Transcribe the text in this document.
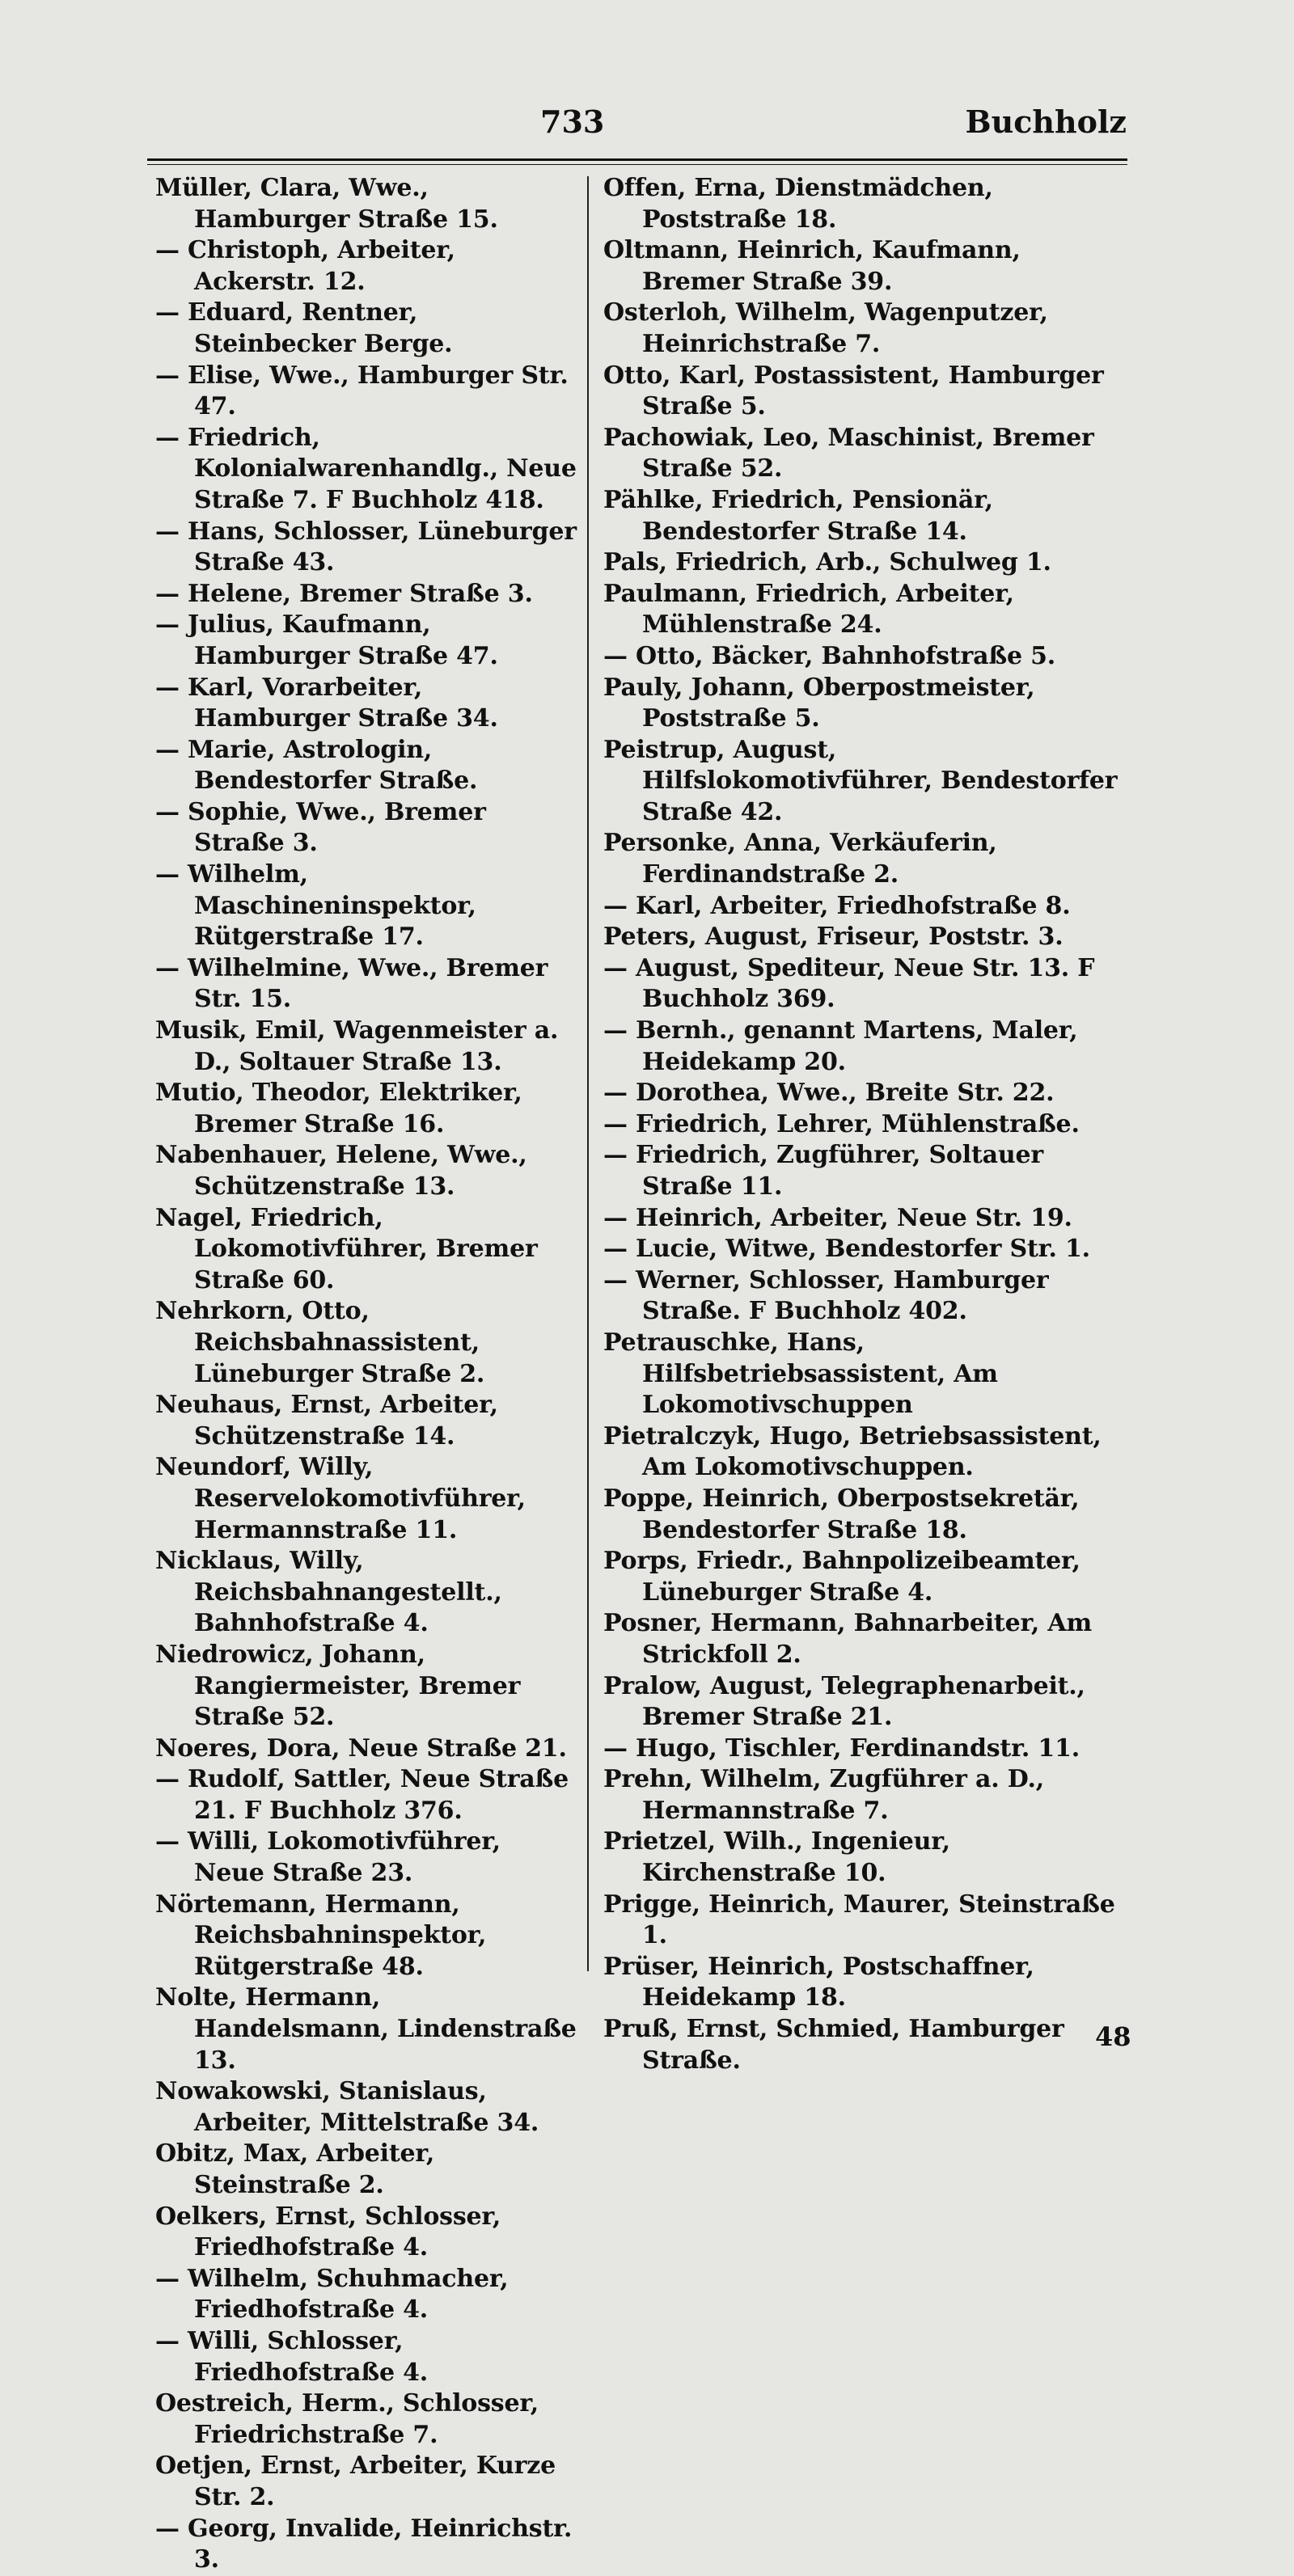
733	Buchholz

Müller, Clara, Wwe., Hamburger Straße 15.

— Christoph, Arbeiter, Ackerstr. 12.

— Eduard, Rentner, Steinbecker Berge.

— Elise, Wwe., Hamburger Str. 47.

— Friedrich, Kolonialwarenhandlg., Neue Straße 7. F Buchholz 418.

— Hans, Schlosser, Lüneburger Straße 43.

— Helene, Bremer Straße 3.

— Julius, Kaufmann, Hamburger Straße 47.

— Karl, Vorarbeiter, Hamburger Straße 34.

— Marie, Astrologin, Bendestorfer Straße.

— Sophie, Wwe., Bremer Straße 3.

— Wilhelm, Maschineninspektor, Rütgerstraße 17.

— Wilhelmine, Wwe., Bremer Str. 15.

Musik, Emil, Wagenmeister a. D., Soltauer Straße 13.

Mutio, Theodor, Elektriker, Bremer Straße 16.

Nabenhauer, Helene, Wwe., Schützenstraße 13.

Nagel, Friedrich, Lokomotivführer, Bremer Straße 60.

Nehrkorn, Otto, Reichsbahnassistent, Lüneburger Straße 2.

Neuhaus, Ernst, Arbeiter, Schützenstraße 14.

Neundorf, Willy, Reservelokomotivführer, Hermannstraße 11.

Nicklaus, Willy, Reichsbahnangestellt., Bahnhofstraße 4.

Niedrowicz, Johann, Rangiermeister, Bremer Straße 52.

Noeres, Dora, Neue Straße 21.

— Rudolf, Sattler, Neue Straße 21. F Buchholz 376.

— Willi, Lokomotivführer, Neue Straße 23.

Nörtemann, Hermann, Reichsbahninspektor, Rütgerstraße 48.

Nolte, Hermann, Handelsmann, Lindenstraße 13.

Nowakowski, Stanislaus, Arbeiter, Mittelstraße 34.

Obitz, Max, Arbeiter, Steinstraße 2.

Oelkers, Ernst, Schlosser, Friedhofstraße 4.

— Wilhelm, Schuhmacher, Friedhofstraße 4.

— Willi, Schlosser, Friedhofstraße 4.

Oestreich, Herm., Schlosser, Friedrichstraße 7.

Oetjen, Ernst, Arbeiter, Kurze Str. 2.

— Georg, Invalide, Heinrichstr. 3.

Offen, Erna, Dienstmädchen, Poststraße 18.

Oltmann, Heinrich, Kaufmann, Bremer Straße 39.

Osterloh, Wilhelm, Wagenputzer, Heinrichstraße 7.

Otto, Karl, Postassistent, Hamburger Straße 5.

Pachowiak, Leo, Maschinist, Bremer Straße 52.

Pählke, Friedrich, Pensionär, Bendestorfer Straße 14.

Pals, Friedrich, Arb., Schulweg 1.

Paulmann, Friedrich, Arbeiter, Mühlenstraße 24.

— Otto, Bäcker, Bahnhofstraße 5.

Pauly, Johann, Oberpostmeister, Poststraße 5.

Peistrup, August, Hilfslokomotivführer, Bendestorfer Straße 42.

Personke, Anna, Verkäuferin, Ferdinandstraße 2.

— Karl, Arbeiter, Friedhofstraße 8.

Peters, August, Friseur, Poststr. 3.

— August, Spediteur, Neue Str. 13. F Buchholz 369.

— Bernh., genannt Martens, Maler, Heidekamp 20.

— Dorothea, Wwe., Breite Str. 22.

— Friedrich, Lehrer, Mühlenstraße.

— Friedrich, Zugführer, Soltauer Straße 11.

— Heinrich, Arbeiter, Neue Str. 19.

— Lucie, Witwe, Bendestorfer Str. 1.

— Werner, Schlosser, Hamburger Straße. F Buchholz 402.

Petrauschke, Hans, Hilfsbetriebsassistent, Am Lokomotivschuppen

Pietralczyk, Hugo, Betriebsassistent, Am Lokomotivschuppen.

Poppe, Heinrich, Oberpostsekretär, Bendestorfer Straße 18.

Porps, Friedr., Bahnpolizeibeamter, Lüneburger Straße 4.

Posner, Hermann, Bahnarbeiter, Am Strickfoll 2.

Pralow, August, Telegraphenarbeit., Bremer Straße 21.

— Hugo, Tischler, Ferdinandstr. 11.

Prehn, Wilhelm, Zugführer a. D., Hermannstraße 7.

Prietzel, Wilh., Ingenieur, Kirchenstraße 10.

Prigge, Heinrich, Maurer, Steinstraße 1.

Prüser, Heinrich, Postschaffner, Heidekamp 18.

Pruß, Ernst, Schmied, Hamburger Straße.

48
